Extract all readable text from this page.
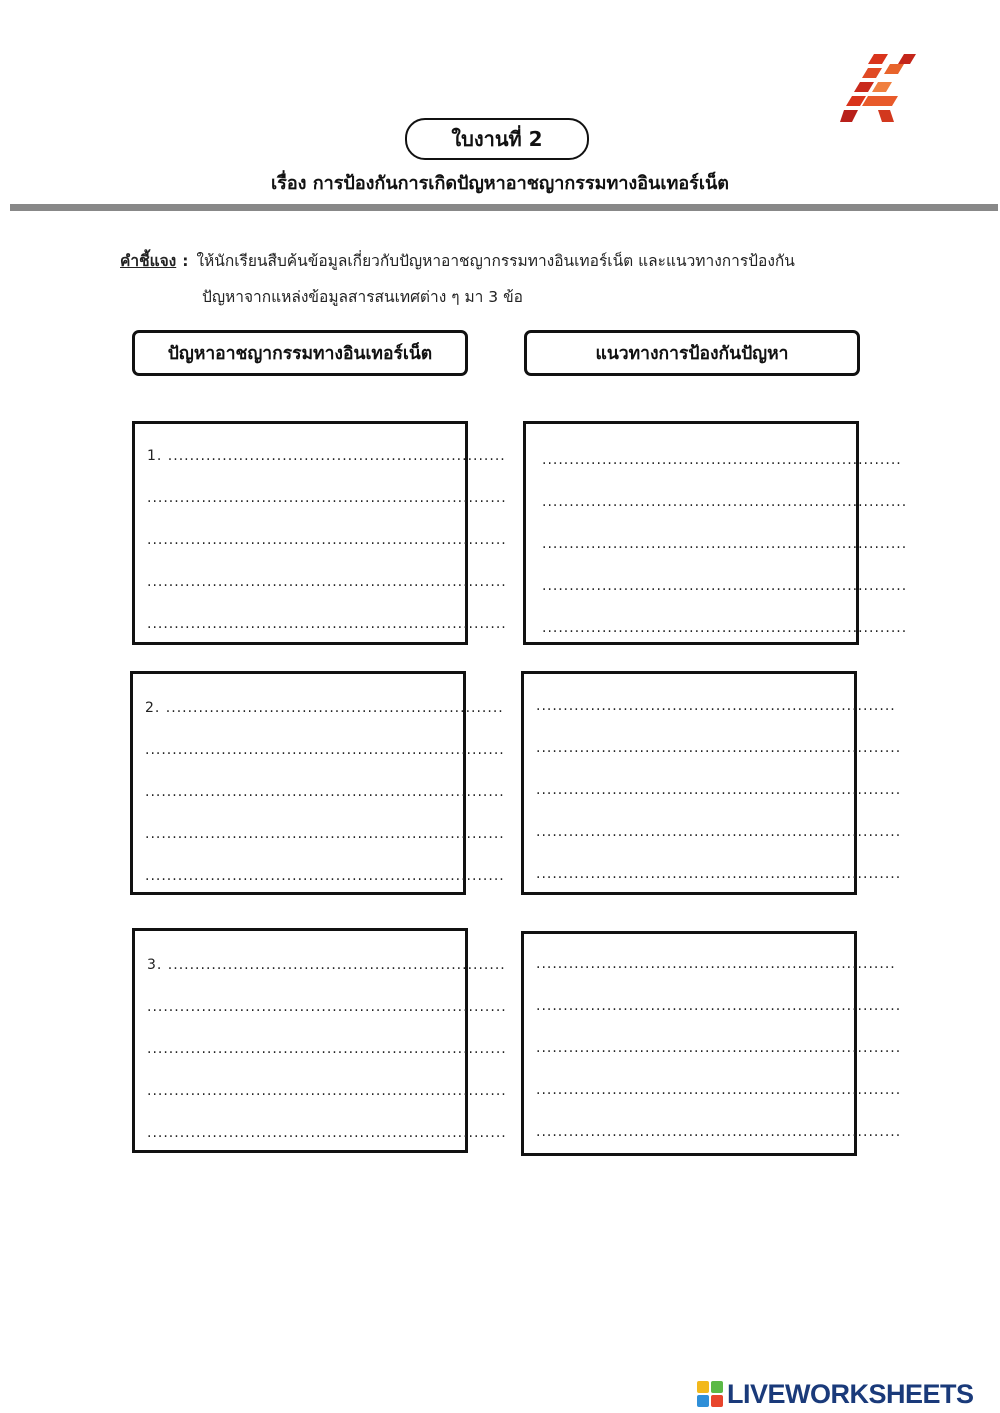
ใบงานที่ 2
เรื่อง การป้องกันการเกิดปัญหาอาชญากรรมทางอินเทอร์เน็ต
คำชี้แจง : ให้นักเรียนสืบค้นข้อมูลเกี่ยวกับปัญหาอาชญากรรมทางอินเทอร์เน็ต และแนวทางการป้องกัน
ปัญหาจากแหล่งข้อมูลสารสนเทศต่าง ๆ มา 3 ข้อ
ปัญหาอาชญากรรมทางอินเทอร์เน็ต	แนวทางการป้องกันปัญหา
1. ..............................................................
..................................................................
..................................................................
..................................................................
..................................................................
..................................................................
...................................................................
...................................................................
...................................................................
...................................................................
2. ..............................................................
..................................................................
..................................................................
..................................................................
..................................................................
..................................................................
...................................................................
...................................................................
...................................................................
...................................................................
3. ..............................................................
..................................................................
..................................................................
..................................................................
..................................................................
..................................................................
...................................................................
...................................................................
...................................................................
...................................................................
LIVEWORKSHEETS
